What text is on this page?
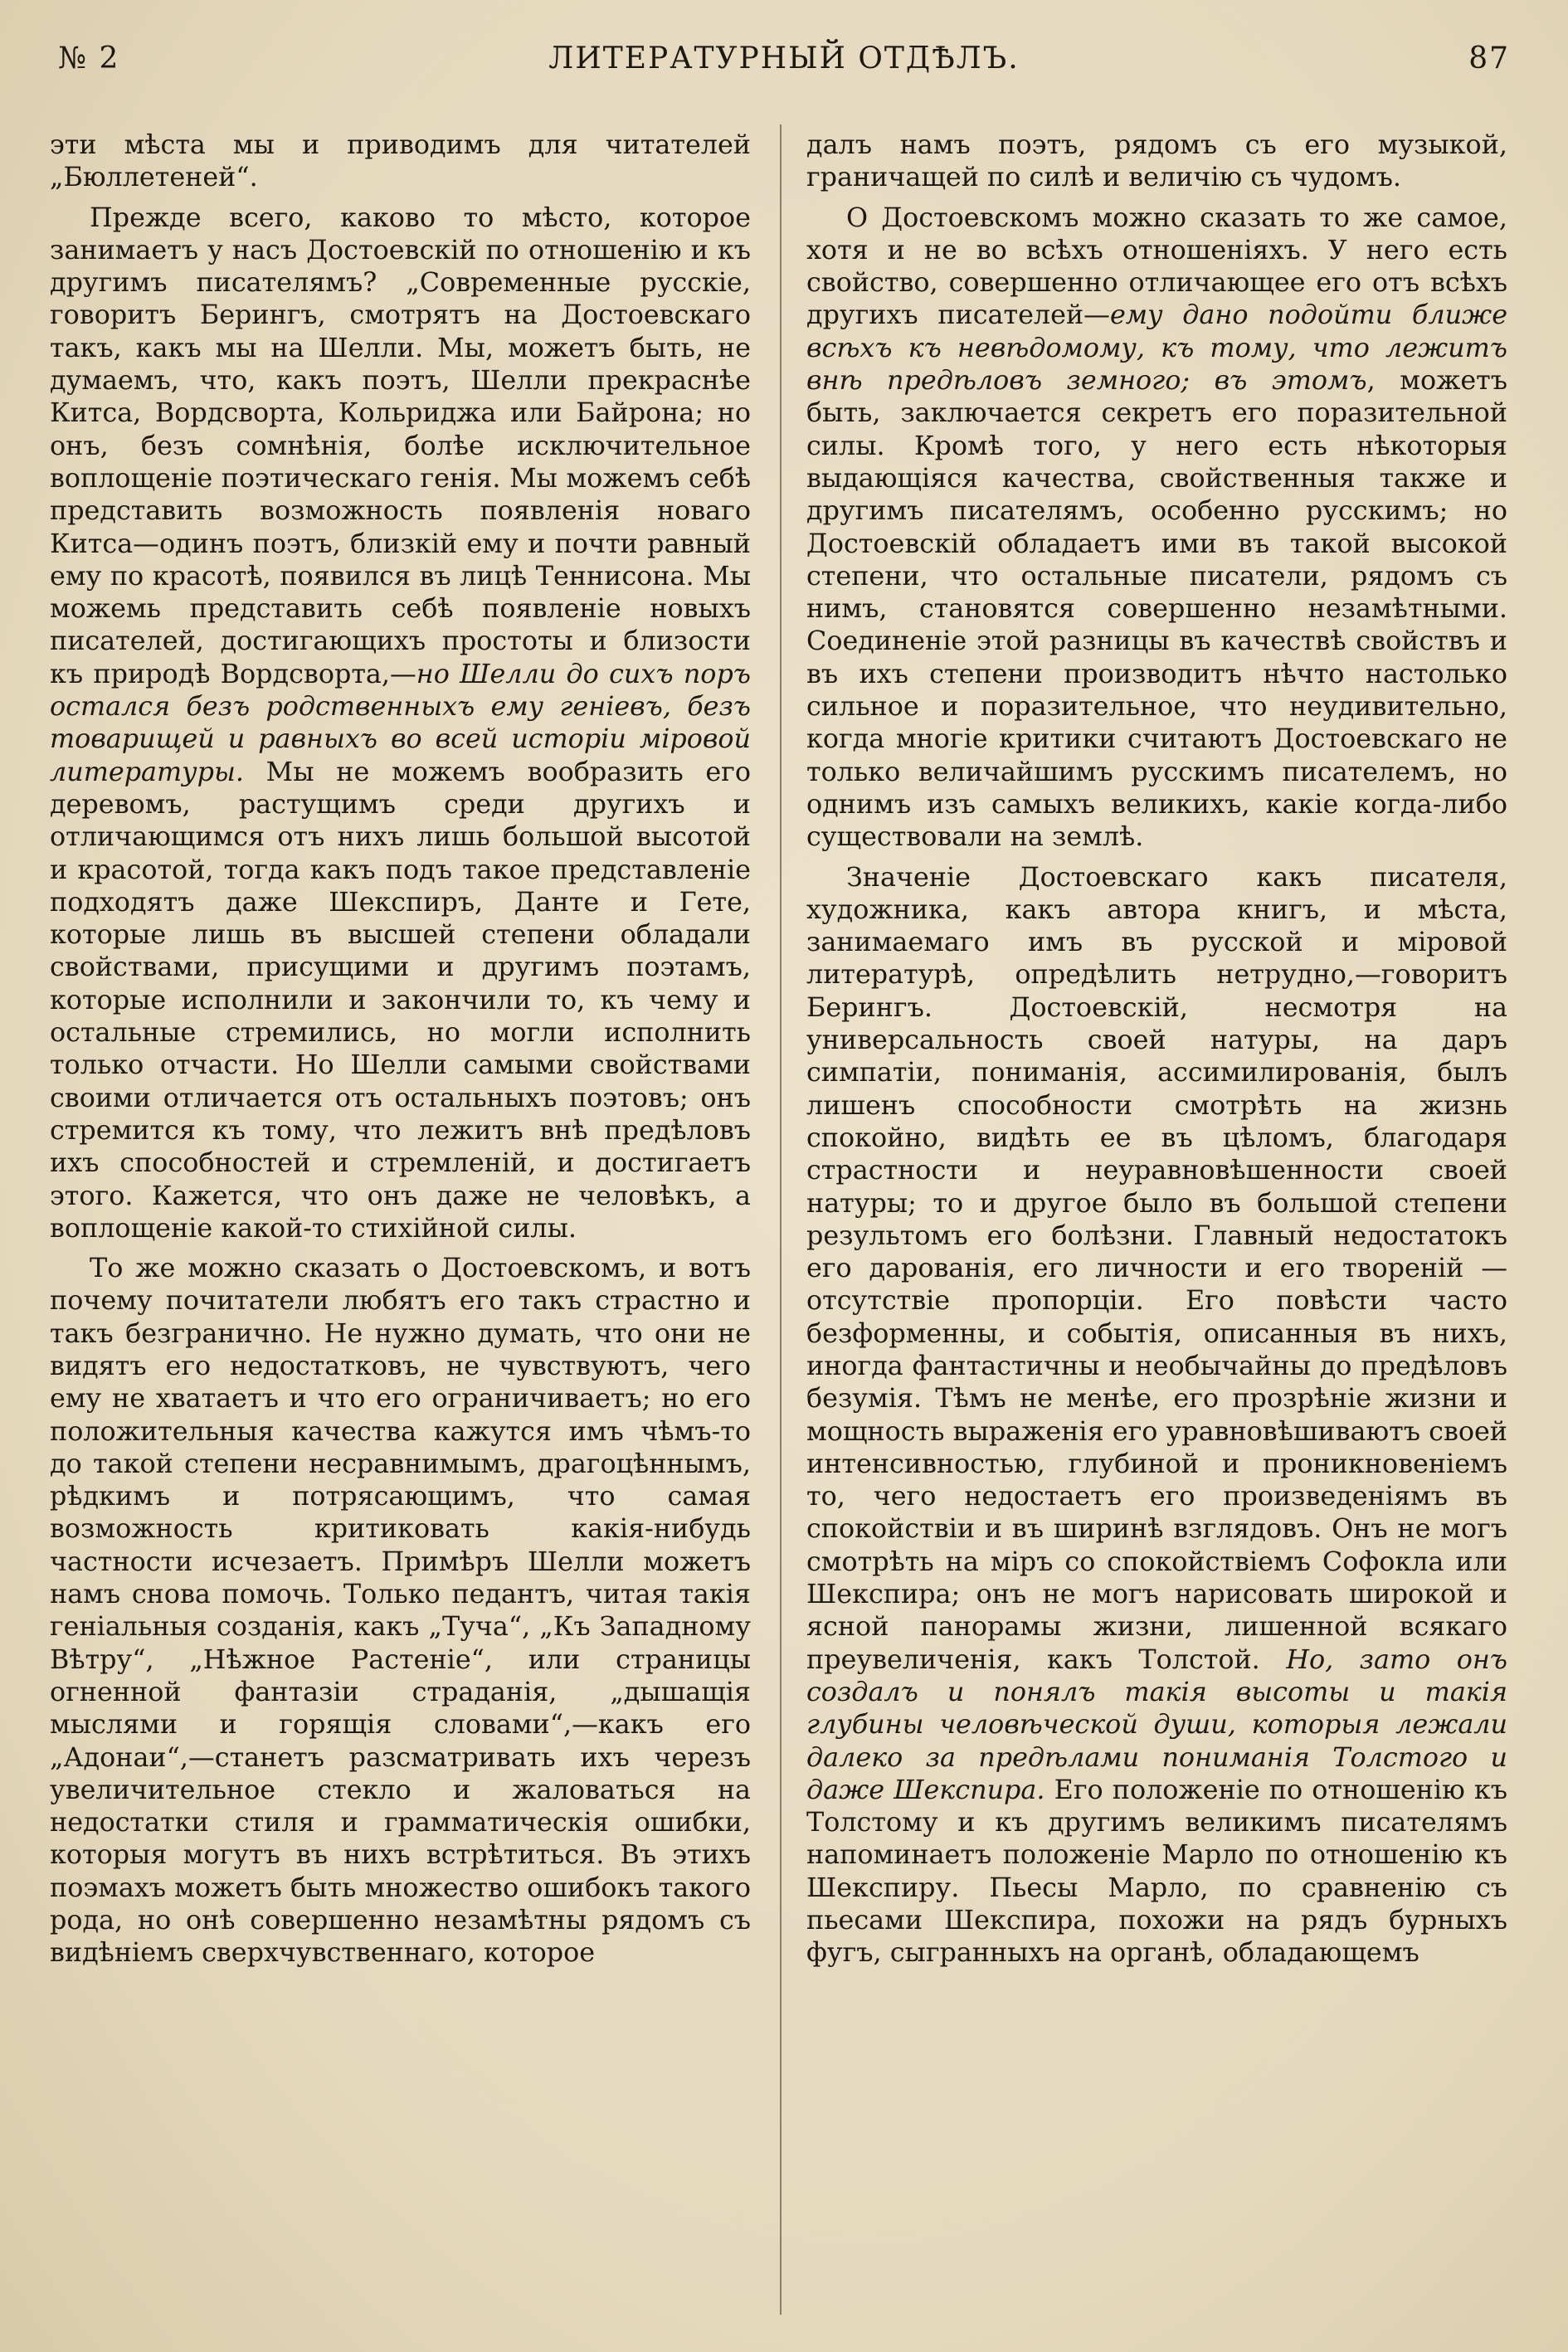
№ 2	ЛИТЕРАТУРНЫЙ ОТДѢЛЪ.	87

эти мѣста мы и приводимъ для читателей „Бюллетеней“.

Прежде всего, каково то мѣсто, которое занимаетъ у насъ Достоевскій по отношенію и къ другимъ писателямъ? „Современные русскіе, говоритъ Берингъ, смотрятъ на Достоевскаго такъ, какъ мы на Шелли. Мы, можетъ быть, не думаемъ, что, какъ поэтъ, Шелли прекраснѣе Китса, Вордсворта, Кольриджа или Байрона; но онъ, безъ сомнѣнія, болѣе исключительное воплощеніе поэтическаго генія. Мы можемъ себѣ представить возможность появленія новаго Китса—одинъ поэтъ, близкій ему и почти равный ему по красотѣ, появился въ лицѣ Теннисона. Мы можемь представить себѣ появленіе новыхъ писателей, достигающихъ простоты и близости къ природѣ Вордсворта,—но Шелли до сихъ поръ остался безъ родственныхъ ему геніевъ, безъ товарищей и равныхъ во всей исторіи міровой литературы. Мы не можемъ вообразить его деревомъ, растущимъ среди другихъ и отличающимся отъ нихъ лишь большой высотой и красотой, тогда какъ подъ такое представленіе подходятъ даже Шекспиръ, Данте и Гете, которые лишь въ высшей степени обладали свойствами, присущими и другимъ поэтамъ, которые исполнили и закончили то, къ чему и остальные стремились, но могли исполнить только отчасти. Но Шелли самыми свойствами своими отличается отъ остальныхъ поэтовъ; онъ стремится къ тому, что лежитъ внѣ предѣловъ ихъ способностей и стремленій, и достигаетъ этого. Кажется, что онъ даже не человѣкъ, а воплощеніе какой-то стихійной силы.

То же можно сказать о Достоевскомъ, и вотъ почему почитатели любятъ его такъ страстно и такъ безгранично. Не нужно думать, что они не видятъ его недостатковъ, не чувствуютъ, чего ему не хватаетъ и что его ограничиваетъ; но его положительныя качества кажутся имъ чѣмъ-то до такой степени несравнимымъ, драгоцѣннымъ, рѣдкимъ и потрясающимъ, что самая возможность критиковать какія-нибудь частности исчезаетъ. Примѣръ Шелли можетъ намъ снова помочь. Только педантъ, читая такія геніальныя созданія, какъ „Туча“, „Къ Западному Вѣтру“, „Нѣжное Растеніе“, или страницы огненной фантазіи страданія, „дышащія мыслями и горящія словами“,—какъ его „Адонаи“,—станетъ разсматривать ихъ черезъ увеличительное стекло и жаловаться на недостатки стиля и грамматическія ошибки, которыя могутъ въ нихъ встрѣтиться. Въ этихъ поэмахъ можетъ быть множество ошибокъ такого рода, но онѣ совершенно незамѣтны рядомъ съ видѣніемъ сверхчувственнаго, которое

далъ намъ поэтъ, рядомъ съ его музыкой, граничащей по силѣ и величію съ чудомъ.

О Достоевскомъ можно сказать то же самое, хотя и не во всѣхъ отношеніяхъ. У него есть свойство, совершенно отличающее его отъ всѣхъ другихъ писателей—ему дано подойти ближе всѣхъ къ невѣдомому, къ тому, что лежитъ внѣ предѣловъ земного; въ этомъ, можетъ быть, заключается секретъ его поразительной силы. Кромѣ того, у него есть нѣкоторыя выдающіяся качества, свойственныя также и другимъ писателямъ, особенно русскимъ; но Достоевскій обладаетъ ими въ такой высокой степени, что остальные писатели, рядомъ съ нимъ, становятся совершенно незамѣтными. Соединеніе этой разницы въ качествѣ свойствъ и въ ихъ степени производитъ нѣчто настолько сильное и поразительное, что неудивительно, когда многіе критики считаютъ Достоевскаго не только величайшимъ русскимъ писателемъ, но однимъ изъ самыхъ великихъ, какіе когда-либо существовали на землѣ.

Значеніе Достоевскаго какъ писателя, художника, какъ автора книгъ, и мѣста, занимаемаго имъ въ русской и міровой литературѣ, опредѣлить нетрудно,—говоритъ Берингъ. Достоевскій, несмотря на универсальность своей натуры, на даръ симпатіи, пониманія, ассимилированія, былъ лишенъ способности смотрѣть на жизнь спокойно, видѣть ее въ цѣломъ, благодаря страстности и неуравновѣшенности своей натуры; то и другое было въ большой степени результомъ его болѣзни. Главный недостатокъ его дарованія, его личности и его твореній — отсутствіе пропорціи. Его повѣсти часто безформенны, и событія, описанныя въ нихъ, иногда фантастичны и необычайны до предѣловъ безумія. Тѣмъ не менѣе, его прозрѣніе жизни и мощность выраженія его уравновѣшиваютъ своей интенсивностью, глубиной и проникновеніемъ то, чего недостаетъ его произведеніямъ въ спокойствіи и въ ширинѣ взглядовъ. Онъ не могъ смотрѣть на міръ со спокойствіемъ Софокла или Шекспира; онъ не могъ нарисовать широкой и ясной панорамы жизни, лишенной всякаго преувеличенія, какъ Толстой. Но, зато онъ создалъ и понялъ такія высоты и такія глубины человѣческой души, которыя лежали далеко за предѣлами пониманія Толстого и даже Шекспира. Его положеніе по отношенію къ Толстому и къ другимъ великимъ писателямъ напоминаетъ положеніе Марло по отношенію къ Шекспиру. Пьесы Марло, по сравненію съ пьесами Шекспира, похожи на рядъ бурныхъ фугъ, сыгранныхъ на органѣ, обладающемъ
